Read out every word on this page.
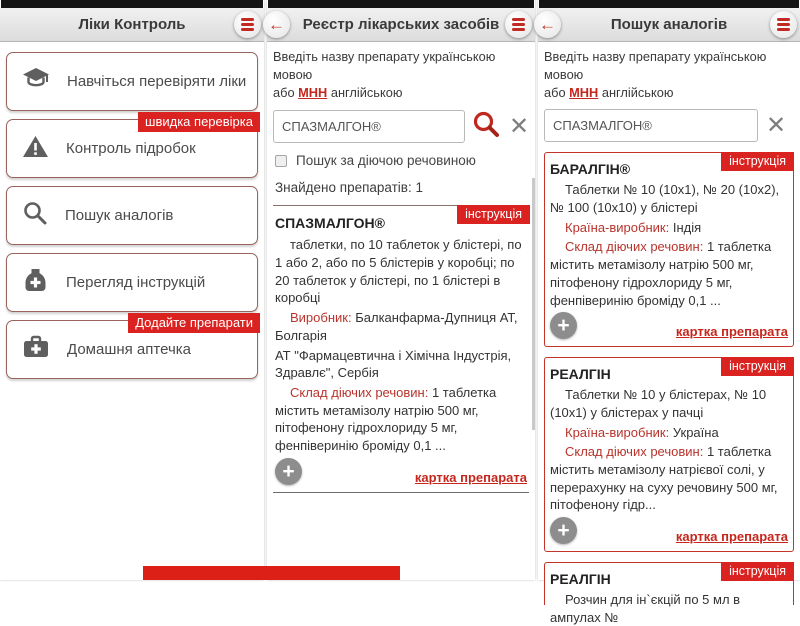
Ліки Контроль
Навчіться перевіряти ліки
Контроль підробок
швидка перевірка
Пошук аналогів
Перегляд інструкцій
Домашня аптечка
Додайте препарати
←	Реєстр лікарських засобів
Введіть назву препарату українською мовою
або МНН англійською
СПАЗМАЛГОН®
✕
Пошук за діючою речовиною
Знайдено препаратів: 1
інструкція
СПАЗМАЛГОН®
таблетки, по 10 таблеток у блістері, по 1 або 2, або по 5 блістерів у коробці; по 20 таблеток у блістері, по 1 блістері в коробці
Виробник: Балканфарма-Дупниця АТ, Болгарія
АТ "Фармацевтична і Хімічна Індустрія, Здравлє", Сербія
Склад діючих речовин: 1 таблетка містить метамізолу натрію 500 мг, пітофенону гідрохлориду 5 мг, фенпіверинію броміду 0,1 ...
+	картка препарата
←	Пошук аналогів
Введіть назву препарату українською мовою
або МНН англійською
СПАЗМАЛГОН®
✕
інструкція
БАРАЛГІН®
Таблетки № 10 (10х1), № 20 (10х2), № 100 (10х10) у блістері
Країна-виробник: Індія
Склад діючих речовин: 1 таблетка містить метамізолу натрію 500 мг, пітофенону гідрохлориду 5 мг, фенпіверинію броміду 0,1 ...
+	картка препарата
інструкція
РЕАЛГІН
Таблетки № 10 у блістерах, № 10 (10х1) у блістерах у пачці
Країна-виробник: Україна
Склад діючих речовин: 1 таблетка містить метамізолу натрієвої солі, у перерахунку на суху речовину 500 мг, пітофенону гідр...
+	картка препарата
інструкція
РЕАЛГІН
Розчин для ін`єкцій по 5 мл в ампулах №
